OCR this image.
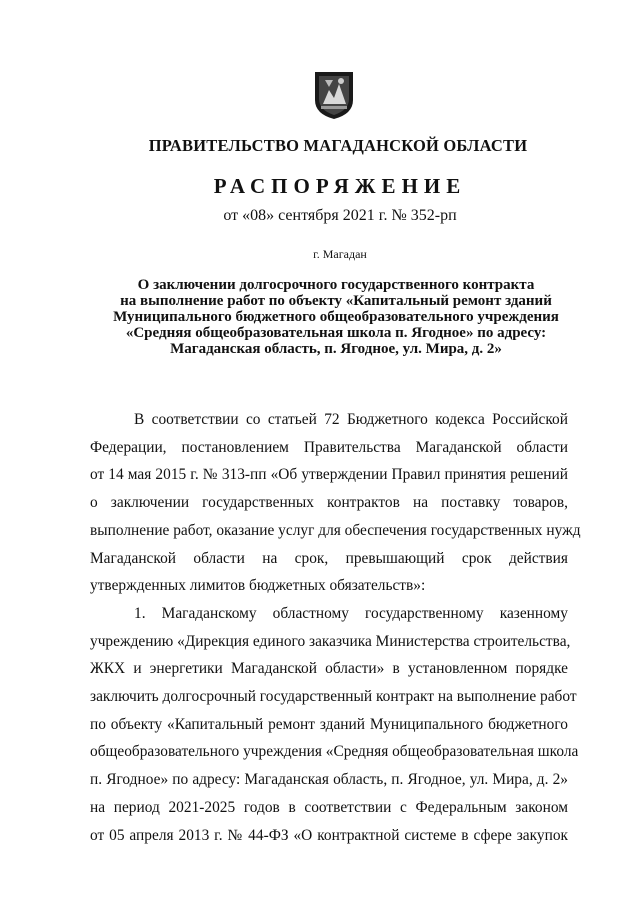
ПРАВИТЕЛЬСТВО МАГАДАНСКОЙ ОБЛАСТИ
РАСПОРЯЖЕНИЕ
от «08» сентября 2021 г. № 352-рп
г. Магадан
О заключении долгосрочного государственного контракта
на выполнение работ по объекту «Капитальный ремонт зданий
Муниципального бюджетного общеобразовательного учреждения
«Средняя общеобразовательная школа п. Ягодное» по адресу:
Магаданская область, п. Ягодное, ул. Мира, д. 2»
В соответствии со статьей 72 Бюджетного кодекса Российской
Федерации, постановлением Правительства Магаданской области
от 14 мая 2015 г. № 313-пп «Об утверждении Правил принятия решений
о заключении государственных контрактов на поставку товаров,
выполнение работ, оказание услуг для обеспечения государственных нужд
Магаданской области на срок, превышающий срок действия
утвержденных лимитов бюджетных обязательств»:
1. Магаданскому областному государственному казенному
учреждению «Дирекция единого заказчика Министерства строительства,
ЖКХ и энергетики Магаданской области» в установленном порядке
заключить долгосрочный государственный контракт на выполнение работ
по объекту «Капитальный ремонт зданий Муниципального бюджетного
общеобразовательного учреждения «Средняя общеобразовательная школа
п. Ягодное» по адресу: Магаданская область, п. Ягодное, ул. Мира, д. 2»
на период 2021-2025 годов в соответствии с Федеральным законом
от 05 апреля 2013 г. № 44-ФЗ «О контрактной системе в сфере закупок
